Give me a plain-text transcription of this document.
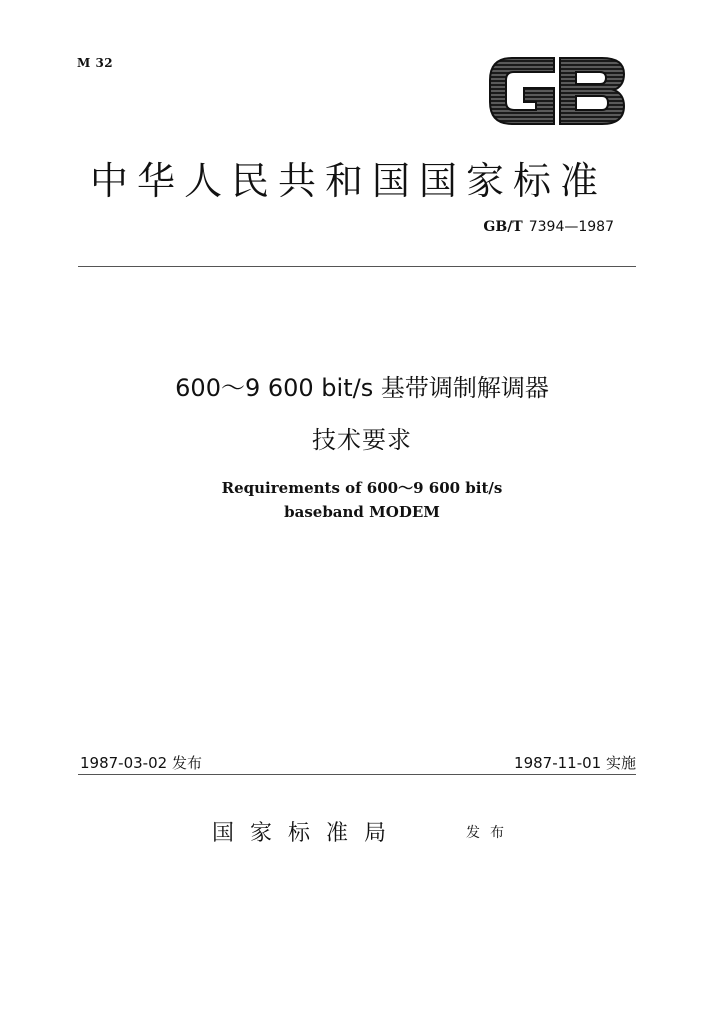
M 32
中华人民共和国国家标准
GB/T 7394—1987
600～9 600 bit/s 基带调制解调器
技术要求
Requirements of 600～9 600 bit/s
baseband MODEM
1987-03-02 发布	1987-11-01 实施
国家标准局	发布
